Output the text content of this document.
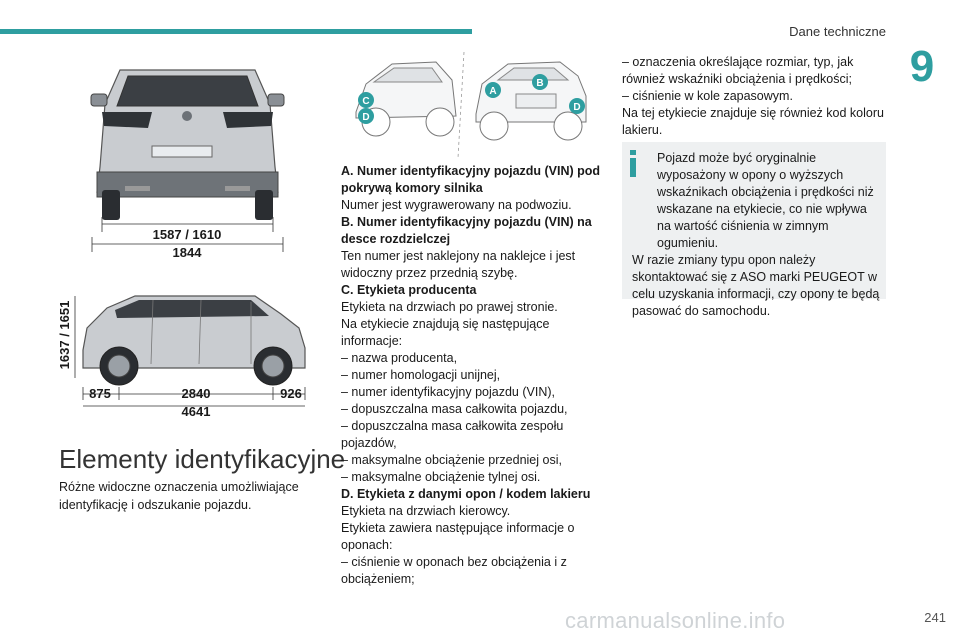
Dane techniczne
9
1587 / 1610
1844
1637 / 1651
875	2840	926
4641
A
B
C
D
D
Elementy identyfikacyjne
Różne widoczne oznaczenia umożliwiające identyfikację i odszukanie pojazdu.

A. Numer identyfikacyjny pojazdu (VIN) pod pokrywą komory silnika

Numer jest wygrawerowany na podwoziu.

B. Numer identyfikacyjny pojazdu (VIN) na desce rozdzielczej

Ten numer jest naklejony na naklejce i jest widoczny przez przednią szybę.

C. Etykieta producenta

Etykieta na drzwiach po prawej stronie.

Na etykiecie znajdują się następujące informacje:

– nazwa producenta,

– numer homologacji unijnej,

– numer identyfikacyjny pojazdu (VIN),

– dopuszczalna masa całkowita pojazdu,

– dopuszczalna masa całkowita zespołu pojazdów,

– maksymalne obciążenie przedniej osi,

– maksymalne obciążenie tylnej osi.

D. Etykieta z danymi opon / kodem lakieru

Etykieta na drzwiach kierowcy.

Etykieta zawiera następujące informacje o oponach:

– ciśnienie w oponach bez obciążenia i z obciążeniem;

– oznaczenia określające rozmiar, typ, jak również wskaźniki obciążenia i prędkości;

– ciśnienie w kole zapasowym.

Na tej etykiecie znajduje się również kod koloru lakieru.

Pojazd może być oryginalnie wyposażony w opony o wyższych wskaźnikach obciążenia i prędkości niż wskazane na etykiecie, co nie wpływa na wartość ciśnienia w zimnym ogumieniu.

W razie zmiany typu opon należy skontaktować się z ASO marki PEUGEOT w celu uzyskania informacji, czy opony te będą pasować do samochodu.

carmanualsonline.info	241
